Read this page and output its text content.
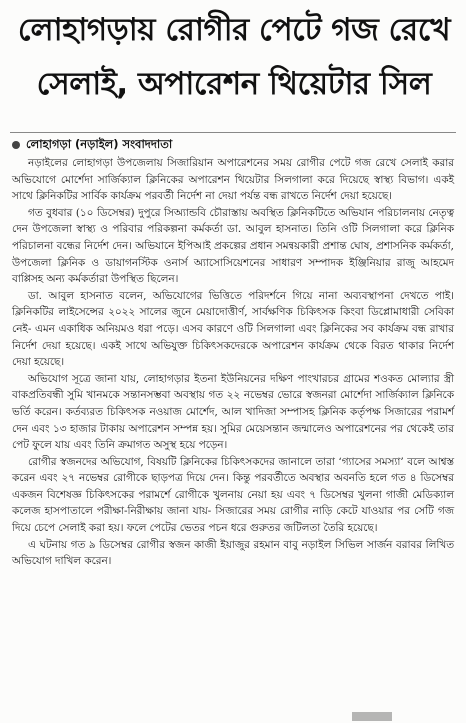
লোহাগড়ায় রোগীর পেটে গজ রেখে
সেলাই, অপারেশন থিয়েটার সিল
লোহাগড়া (নড়াইল) সংবাদদাতা

নড়াইলের লোহাগড়া উপজেলায় সিজারিয়ান অপারেশনের সময় রোগীর পেটে গজ রেখে সেলাই করার অভিযোগে মোর্শেদা সার্জিক্যাল ক্লিনিকের অপারেশন থিয়েটার সিলগালা করে দিয়েছে স্বাস্থ্য বিভাগ। একই সাথে ক্লিনিকটির সার্বিক কার্যক্রম পরবর্তী নির্দেশ না দেয়া পর্যন্ত বন্ধ রাখতে নির্দেশ দেয়া হয়েছে।

গত বুধবার (১০ ডিসেম্বর) দুপুরে সিঅ্যান্ডবি চৌরাস্তায় অবস্থিত ক্লিনিকটিতে অভিযান পরিচালনায় নেতৃত্ব দেন উপজেলা স্বাস্থ্য ও পরিবার পরিকল্পনা কর্মকর্তা ডা. আবুল হাসনাত। তিনি ওটি সিলগালা করে ক্লিনিক পরিচালনা বন্ধের নির্দেশ দেন। অভিযানে ইপিআই প্রকল্পের প্রধান সমন্বয়কারী প্রশান্ত ঘোষ, প্রশাসনিক কর্মকর্তা, উপজেলা ক্লিনিক ও ডায়াগনস্টিক ওনার্স অ্যাসোসিয়েশনের সাধারণ সম্পাদক ইঞ্জিনিয়ার রাজু আহমেদ বাপ্পিসহ অন্য কর্মকর্তারা উপস্থিত ছিলেন।

ডা. আবুল হাসনাত বলেন, অভিযোগের ভিত্তিতে পরিদর্শনে গিয়ে নানা অব্যবস্থাপনা দেখতে পাই। ক্লিনিকটির লাইসেন্সের ২০২২ সালের জুনে মেয়াদোত্তীর্ণ, সার্বক্ষণিক চিকিৎসক কিংবা ডিপ্লোমাধারী সেবিকা নেই- এমন একাধিক অনিয়মও ধরা পড়ে। এসব কারণে ওটি সিলগালা এবং ক্লিনিকের সব কার্যক্রম বন্ধ রাখার নির্দেশ দেয়া হয়েছে। একই সাথে অভিযুক্ত চিকিৎসকদেরকে অপারেশন কার্যক্রম থেকে বিরত থাকার নির্দেশ দেয়া হয়েছে।

অভিযোগ সূত্রে জানা যায়, লোহাগড়ার ইতনা ইউনিয়নের দক্ষিণ পাংখারচর গ্রামের শওকত মোল্যার স্ত্রী বাকপ্রতিবন্ধী সুমি খানমকে সন্তানসম্ভবা অবস্থায় গত ২২ নভেম্বর ভোরে স্বজনরা মোর্শেদা সার্জিক্যাল ক্লিনিকে ভর্তি করেন। কর্তব্যরত চিকিৎসক নওয়াজ মোর্শেদ, আল খাদিজা সম্পাসহ ক্লিনিক কর্তৃপক্ষ সিজারের পরামর্শ দেন এবং ১৩ হাজার টাকায় অপারেশন সম্পন্ন হয়। সুমির মেয়েসন্তান জন্মালেও অপারেশনের পর থেকেই তার পেট ফুলে যায় এবং তিনি ক্রমাগত অসুস্থ হয়ে পড়েন।

রোগীর স্বজনদের অভিযোগ, বিষয়টি ক্লিনিকের চিকিৎসকদের জানালে তারা ‘গ্যাসের সমস্যা’ বলে আশ্বস্ত করেন এবং ২৭ নভেম্বর রোগীকে ছাড়পত্র দিয়ে দেন। কিন্তু পরবর্তীতে অবস্থার অবনতি হলে গত ৪ ডিসেম্বর একজন বিশেষজ্ঞ চিকিৎসকের পরামর্শে রোগীকে খুলনায় নেয়া হয় এবং ৭ ডিসেম্বর খুলনা গাজী মেডিক্যাল কলেজ হাসপাতালে পরীক্ষা-নিরীক্ষায় জানা যায়- সিজারের সময় রোগীর নাড়ি কেটে যাওয়ার পর সেটি গজ দিয়ে চেপে সেলাই করা হয়। ফলে পেটের ভেতর পচন ধরে গুরুতর জটিলতা তৈরি হয়েছে।

এ ঘটনায় গত ৯ ডিসেম্বর রোগীর স্বজন কাজী ইয়াজুর রহমান বাবু নড়াইল সিভিল সার্জন বরাবর লিখিত অভিযোগ দাখিল করেন।
